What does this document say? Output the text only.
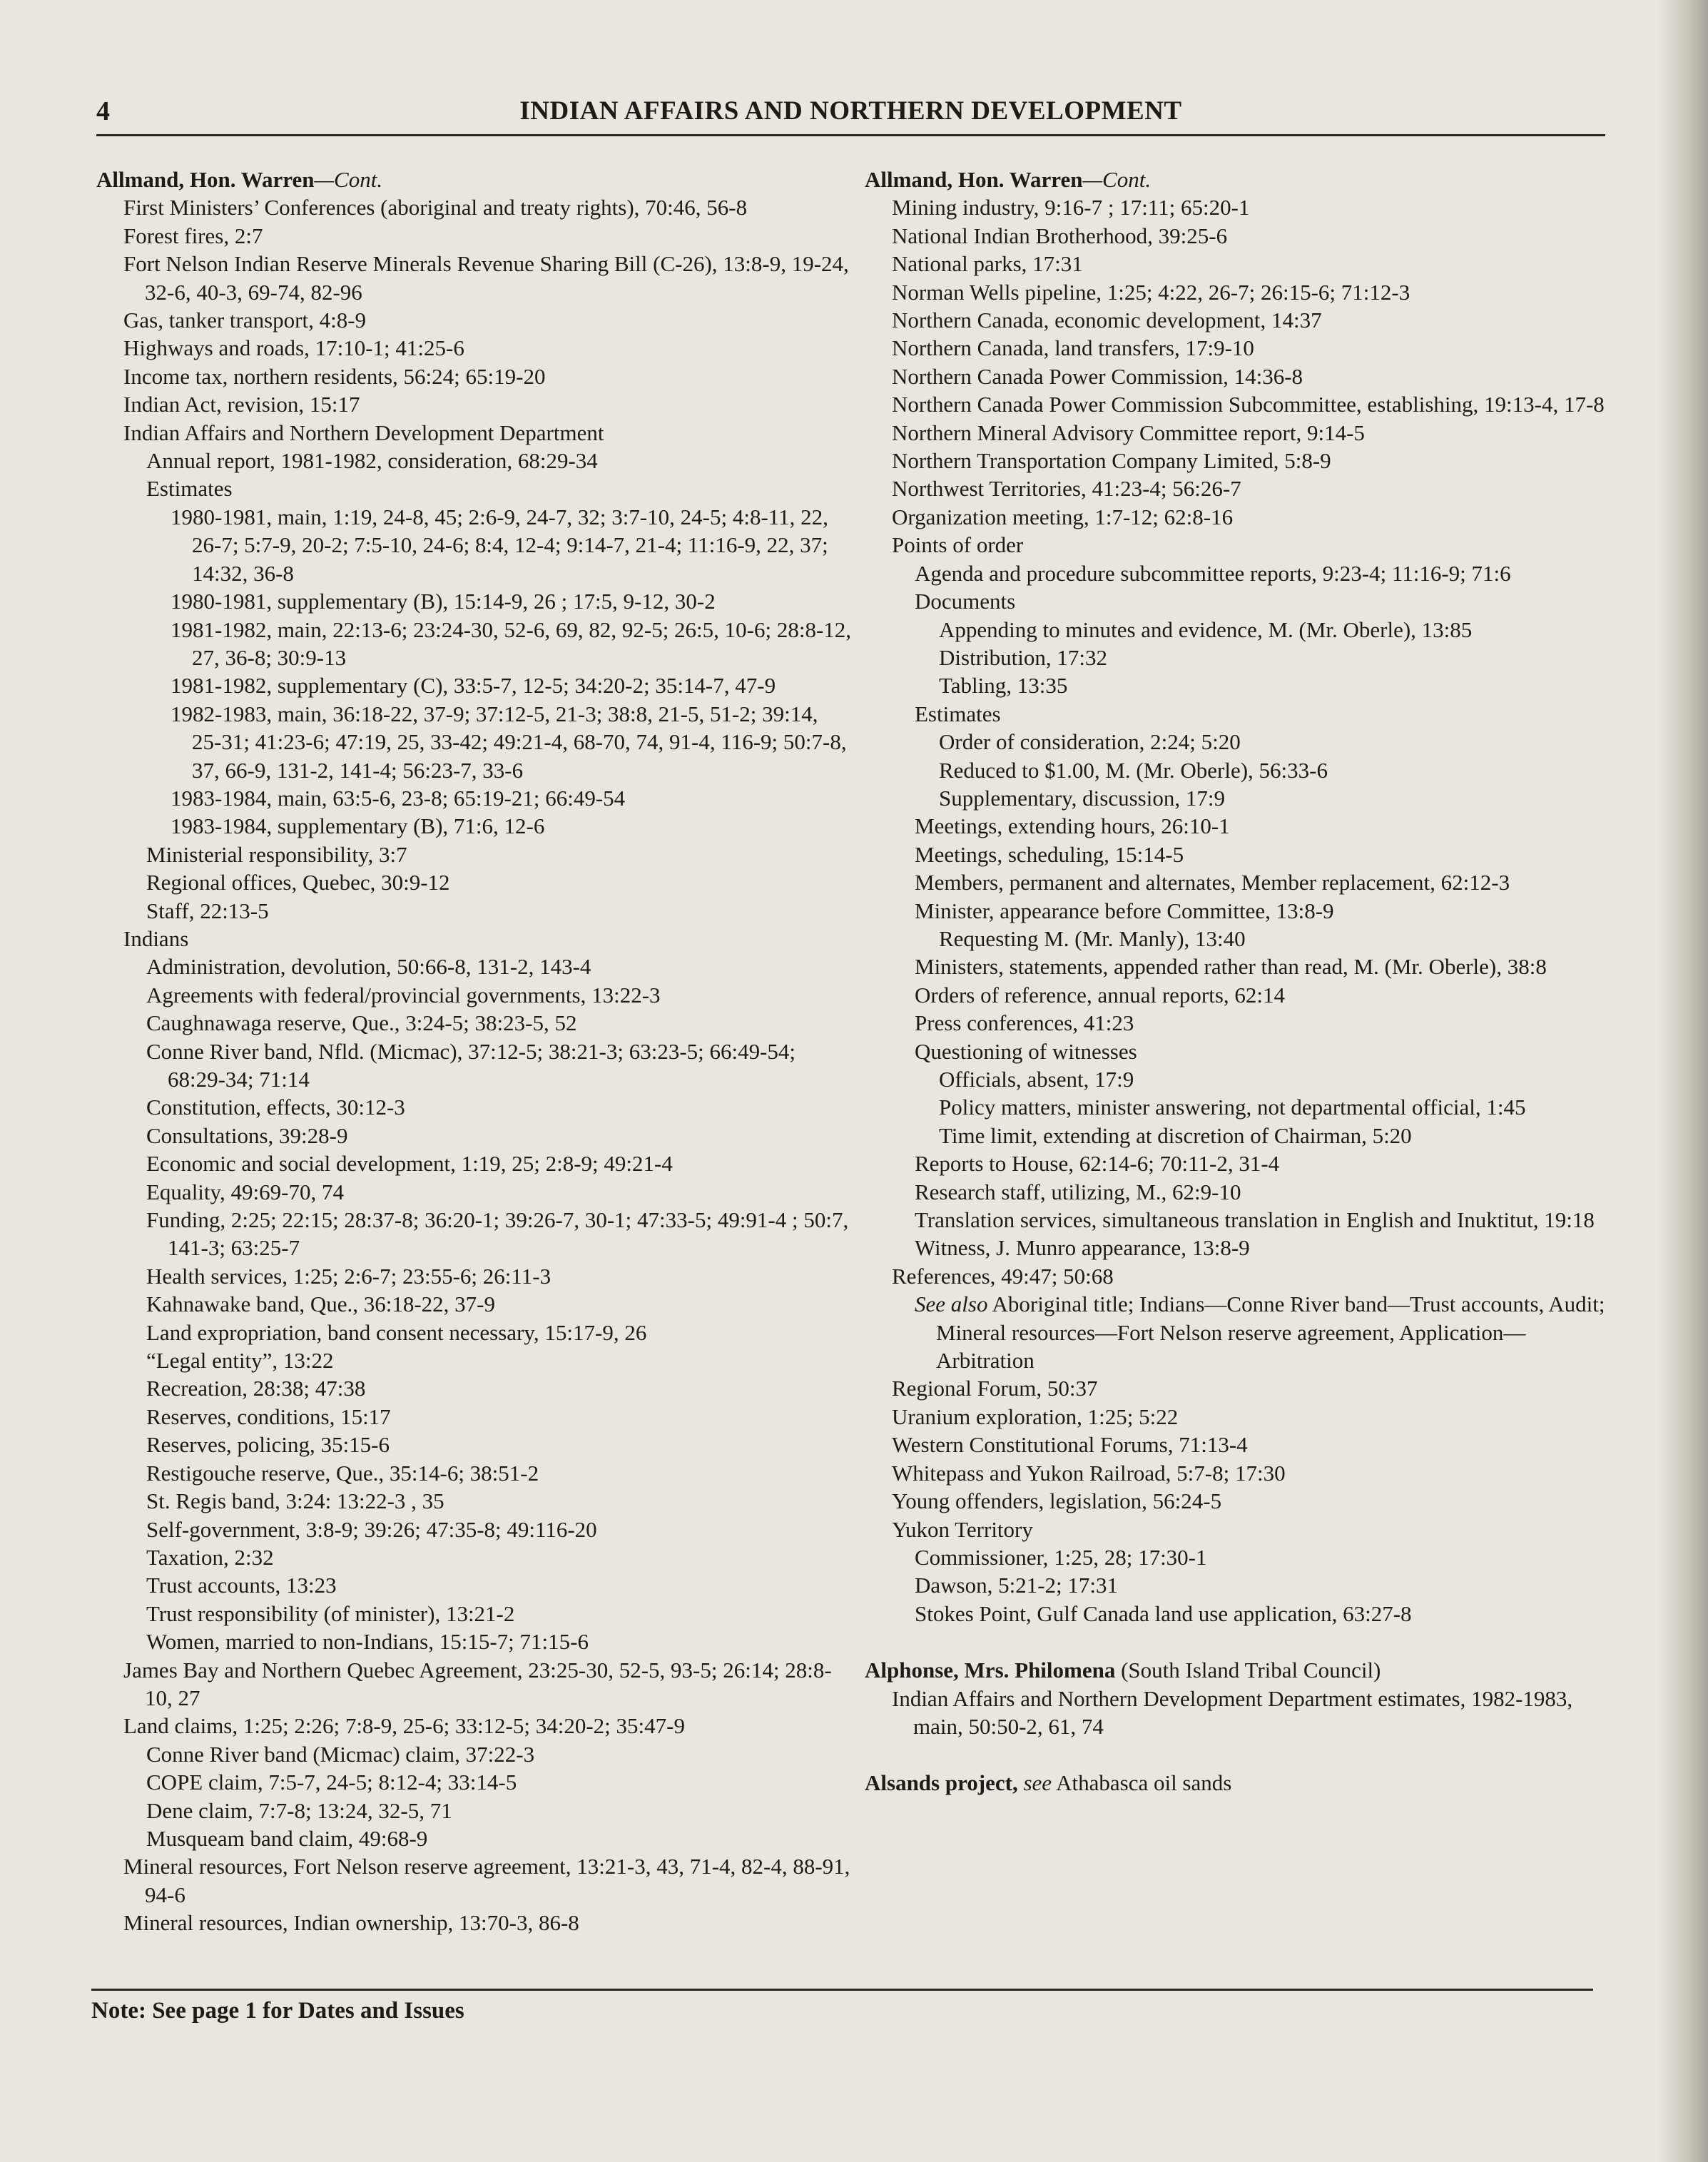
4	INDIAN AFFAIRS AND NORTHERN DEVELOPMENT

Allmand, Hon. Warren—Cont.

First Ministers’ Conferences (aboriginal and treaty rights), 70:46, 56-8

Forest fires, 2:7

Fort Nelson Indian Reserve Minerals Revenue Sharing Bill (C-26), 13:8-9, 19-24, 32-6, 40-3, 69-74, 82-96

Gas, tanker transport, 4:8-9

Highways and roads, 17:10-1; 41:25-6

Income tax, northern residents, 56:24; 65:19-20

Indian Act, revision, 15:17

Indian Affairs and Northern Development Department

Annual report, 1981-1982, consideration, 68:29-34

Estimates

1980-1981, main, 1:19, 24-8, 45; 2:6-9, 24-7, 32; 3:7-10, 24-5; 4:8-11, 22, 26-7; 5:7-9, 20-2; 7:5-10, 24-6; 8:4, 12-4; 9:14-7, 21-4; 11:16-9, 22, 37; 14:32, 36-8

1980-1981, supplementary (B), 15:14-9, 26 ; 17:5, 9-12, 30-2

1981-1982, main, 22:13-6; 23:24-30, 52-6, 69, 82, 92-5; 26:5, 10-6; 28:8-12, 27, 36-8; 30:9-13

1981-1982, supplementary (C), 33:5-7, 12-5; 34:20-2; 35:14-7, 47-9

1982-1983, main, 36:18-22, 37-9; 37:12-5, 21-3; 38:8, 21-5, 51-2; 39:14, 25-31; 41:23-6; 47:19, 25, 33-42; 49:21-4, 68-70, 74, 91-4, 116-9; 50:7-8, 37, 66-9, 131-2, 141-4; 56:23-7, 33-6

1983-1984, main, 63:5-6, 23-8; 65:19-21; 66:49-54

1983-1984, supplementary (B), 71:6, 12-6

Ministerial responsibility, 3:7

Regional offices, Quebec, 30:9-12

Staff, 22:13-5

Indians

Administration, devolution, 50:66-8, 131-2, 143-4

Agreements with federal/provincial governments, 13:22-3

Caughnawaga reserve, Que., 3:24-5; 38:23-5, 52

Conne River band, Nfld. (Micmac), 37:12-5; 38:21-3; 63:23-5; 66:49-54; 68:29-34; 71:14

Constitution, effects, 30:12-3

Consultations, 39:28-9

Economic and social development, 1:19, 25; 2:8-9; 49:21-4

Equality, 49:69-70, 74

Funding, 2:25; 22:15; 28:37-8; 36:20-1; 39:26-7, 30-1; 47:33-5; 49:91-4 ; 50:7, 141-3; 63:25-7

Health services, 1:25; 2:6-7; 23:55-6; 26:11-3

Kahnawake band, Que., 36:18-22, 37-9

Land expropriation, band consent necessary, 15:17-9, 26

“Legal entity”, 13:22

Recreation, 28:38; 47:38

Reserves, conditions, 15:17

Reserves, policing, 35:15-6

Restigouche reserve, Que., 35:14-6; 38:51-2

St. Regis band, 3:24: 13:22-3 , 35

Self-government, 3:8-9; 39:26; 47:35-8; 49:116-20

Taxation, 2:32

Trust accounts, 13:23

Trust responsibility (of minister), 13:21-2

Women, married to non-Indians, 15:15-7; 71:15-6

James Bay and Northern Quebec Agreement, 23:25-30, 52-5, 93-5; 26:14; 28:8-10, 27

Land claims, 1:25; 2:26; 7:8-9, 25-6; 33:12-5; 34:20-2; 35:47-9

Conne River band (Micmac) claim, 37:22-3

COPE claim, 7:5-7, 24-5; 8:12-4; 33:14-5

Dene claim, 7:7-8; 13:24, 32-5, 71

Musqueam band claim, 49:68-9

Mineral resources, Fort Nelson reserve agreement, 13:21-3, 43, 71-4, 82-4, 88-91, 94-6

Mineral resources, Indian ownership, 13:70-3, 86-8

Allmand, Hon. Warren—Cont.

Mining industry, 9:16-7 ; 17:11; 65:20-1

National Indian Brotherhood, 39:25-6

National parks, 17:31

Norman Wells pipeline, 1:25; 4:22, 26-7; 26:15-6; 71:12-3

Northern Canada, economic development, 14:37

Northern Canada, land transfers, 17:9-10

Northern Canada Power Commission, 14:36-8

Northern Canada Power Commission Subcommittee, establishing, 19:13-4, 17-8

Northern Mineral Advisory Committee report, 9:14-5

Northern Transportation Company Limited, 5:8-9

Northwest Territories, 41:23-4; 56:26-7

Organization meeting, 1:7-12; 62:8-16

Points of order

Agenda and procedure subcommittee reports, 9:23-4; 11:16-9; 71:6

Documents

Appending to minutes and evidence, M. (Mr. Oberle), 13:85

Distribution, 17:32

Tabling, 13:35

Estimates

Order of consideration, 2:24; 5:20

Reduced to $1.00, M. (Mr. Oberle), 56:33-6

Supplementary, discussion, 17:9

Meetings, extending hours, 26:10-1

Meetings, scheduling, 15:14-5

Members, permanent and alternates, Member replacement, 62:12-3

Minister, appearance before Committee, 13:8-9

Requesting M. (Mr. Manly), 13:40

Ministers, statements, appended rather than read, M. (Mr. Oberle), 38:8

Orders of reference, annual reports, 62:14

Press conferences, 41:23

Questioning of witnesses

Officials, absent, 17:9

Policy matters, minister answering, not departmental official, 1:45

Time limit, extending at discretion of Chairman, 5:20

Reports to House, 62:14-6; 70:11-2, 31-4

Research staff, utilizing, M., 62:9-10

Translation services, simultaneous translation in English and Inuktitut, 19:18

Witness, J. Munro appearance, 13:8-9

References, 49:47; 50:68

See also Aboriginal title; Indians—Conne River band—Trust accounts, Audit; Mineral resources—Fort Nelson reserve agreement, Application—Arbitration

Regional Forum, 50:37

Uranium exploration, 1:25; 5:22

Western Constitutional Forums, 71:13-4

Whitepass and Yukon Railroad, 5:7-8; 17:30

Young offenders, legislation, 56:24-5

Yukon Territory

Commissioner, 1:25, 28; 17:30-1

Dawson, 5:21-2; 17:31

Stokes Point, Gulf Canada land use application, 63:27-8

Alphonse, Mrs. Philomena (South Island Tribal Council)

Indian Affairs and Northern Development Department estimates, 1982-1983, main, 50:50-2, 61, 74

Alsands project, see Athabasca oil sands

Note: See page 1 for Dates and Issues
